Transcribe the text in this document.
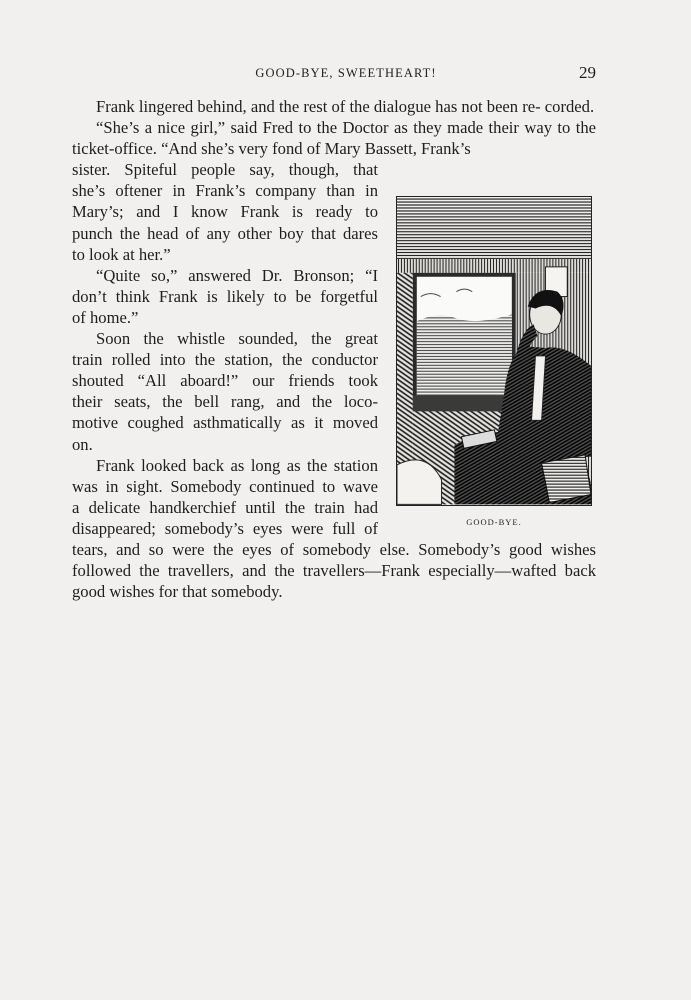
GOOD-BYE, SWEETHEART!	29

Frank lingered behind, and the rest of the dialogue has not been re- corded.

“She’s a nice girl,” said Fred to the Doctor as they made their way to the ticket-office. “And she’s very fond of Mary Bassett, Frank’s

sister. Spiteful people say, though, that
she’s oftener in Frank’s company than in
Mary’s; and I know Frank is ready to
punch the head of any other boy that dares
to look at her.”
“Quite so,” answered Dr. Bronson; “I
don’t think Frank is likely to be forgetful
of home.”
Soon the whistle sounded, the great
train rolled into the station, the conductor
shouted “All aboard!” our friends took
their seats, the bell rang, and the loco-
motive coughed asthmatically as it moved
on.
Frank looked back as long as the station
was in sight. Somebody continued to wave
a delicate handkerchief until the train had
disappeared; somebody’s eyes were full of
tears, and so were the eyes of somebody else. Somebody’s good wishes followed the travellers, and the travellers—Frank especially—wafted back good wishes for that somebody.
GOOD-BYE.
